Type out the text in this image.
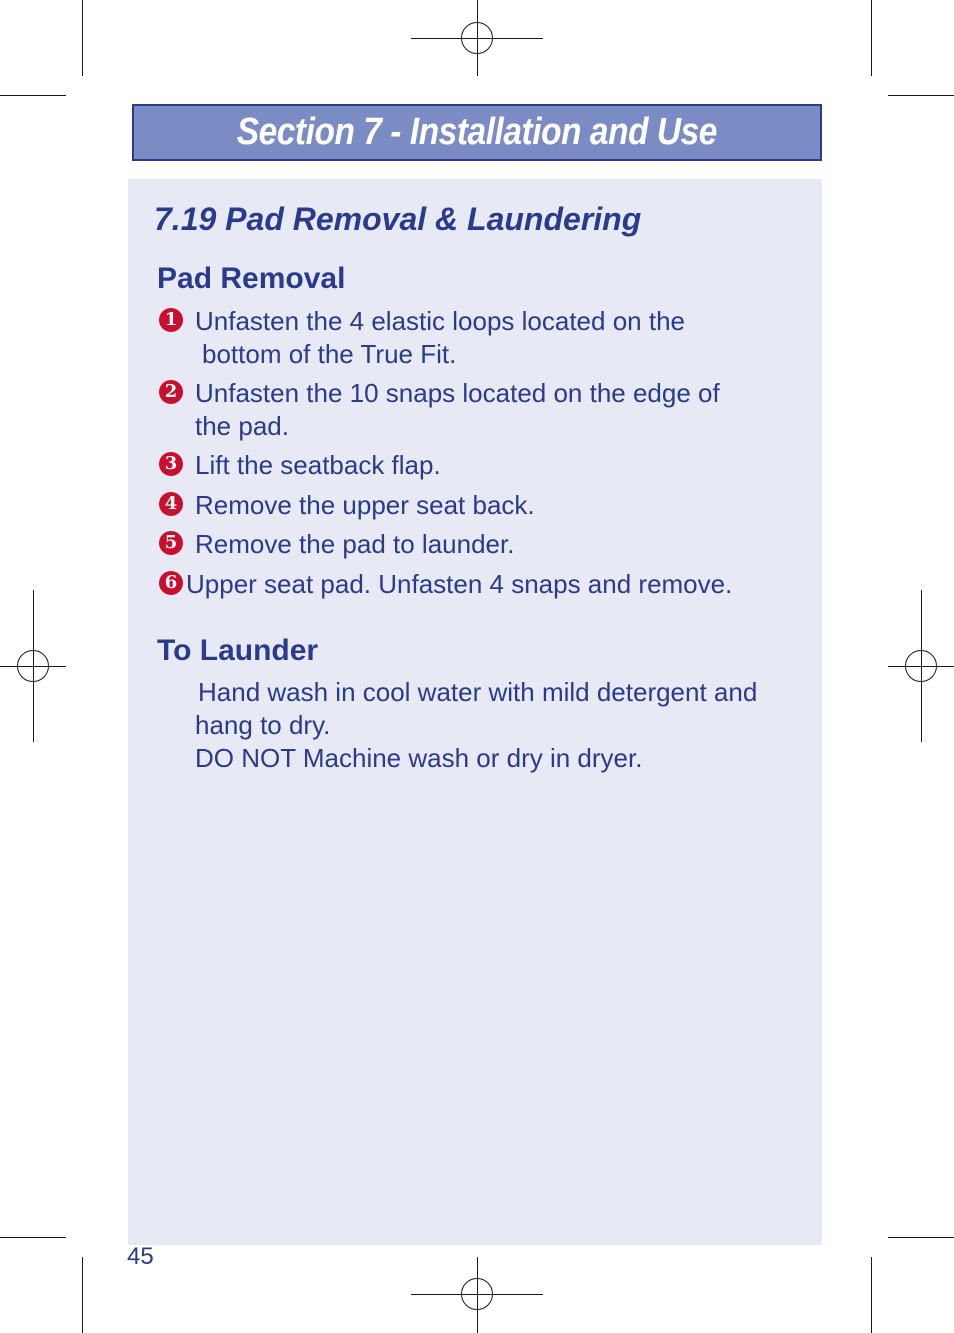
Section 7 - Installation and Use
7.19 Pad Removal & Laundering
Pad Removal
1 Unfasten the 4 elastic loops located on the
bottom of the True Fit.
2 Unfasten the 10 snaps located on the edge of
the pad.
3 Lift the seatback flap.
4 Remove the upper seat back.
5 Remove the pad to launder.
6 Upper seat pad. Unfasten 4 snaps and remove.
To Launder
Hand wash in cool water with mild detergent and
hang to dry.
DO NOT Machine wash or dry in dryer.
45
